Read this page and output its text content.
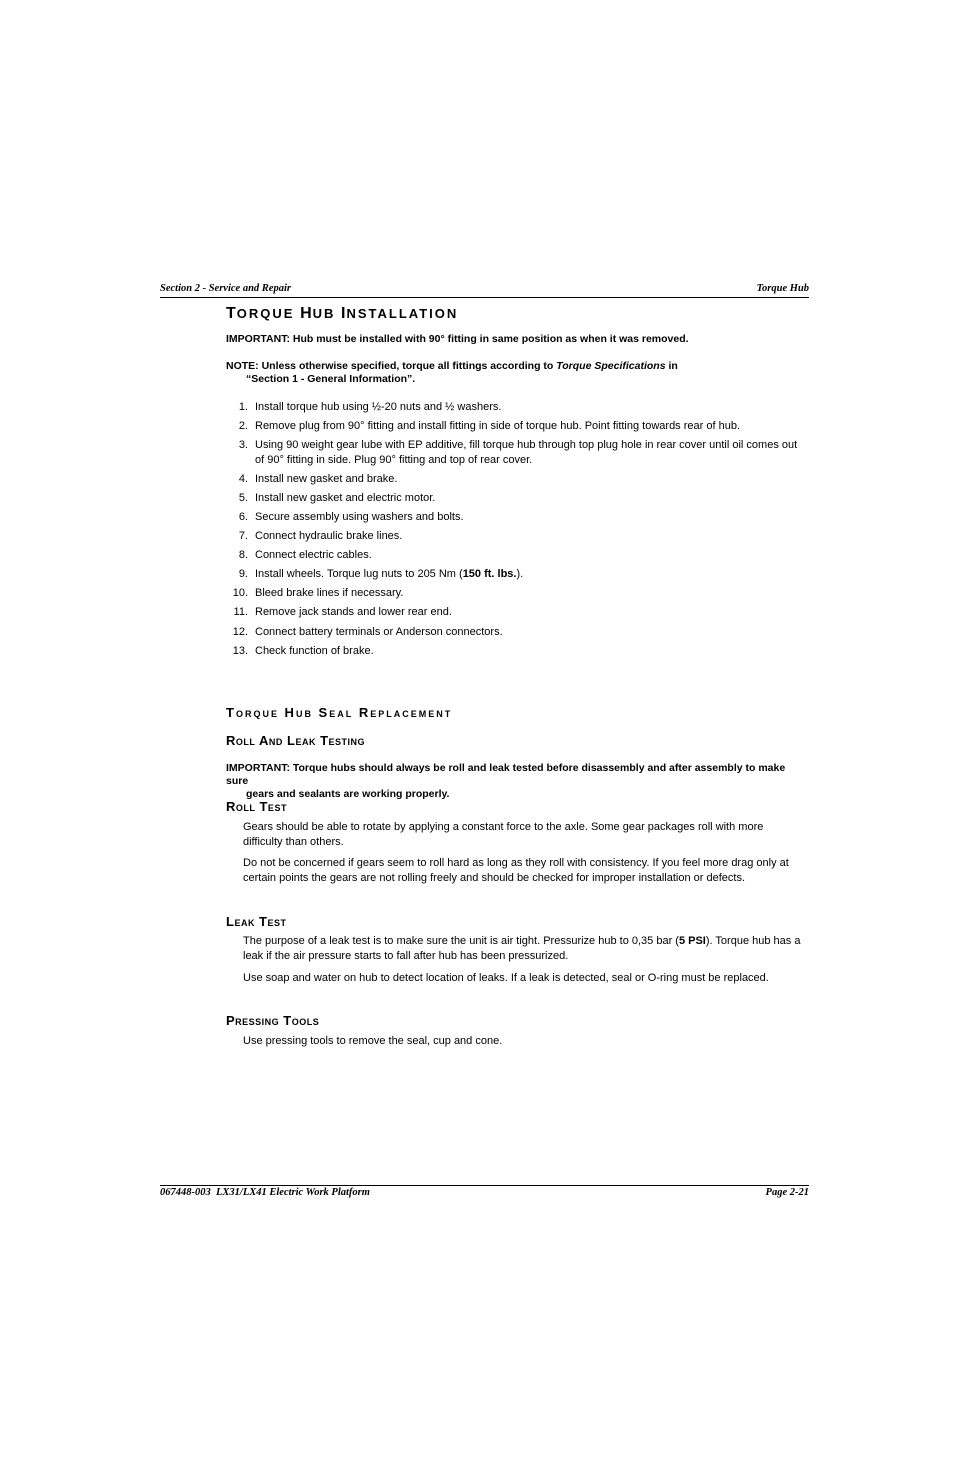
Section 2 - Service and Repair	Torque Hub
TORQUE HUB INSTALLATION
IMPORTANT: Hub must be installed with 90° fitting in same position as when it was removed.
NOTE: Unless otherwise specified, torque all fittings according to Torque Specifications in
“Section 1 - General Information”.
1. Install torque hub using ½-20 nuts and ½ washers.
2. Remove plug from 90° fitting and install fitting in side of torque hub. Point fitting towards rear of hub.
3. Using 90 weight gear lube with EP additive, fill torque hub through top plug hole in rear cover until oil comes out of 90° fitting in side. Plug 90° fitting and top of rear cover.
4. Install new gasket and brake.
5. Install new gasket and electric motor.
6. Secure assembly using washers and bolts.
7. Connect hydraulic brake lines.
8. Connect electric cables.
9. Install wheels. Torque lug nuts to 205 Nm (150 ft. lbs.).
10. Bleed brake lines if necessary.
11. Remove jack stands and lower rear end.
12. Connect battery terminals or Anderson connectors.
13. Check function of brake.
Torque Hub Seal Replacement
Roll And Leak Testing
IMPORTANT: Torque hubs should always be roll and leak tested before disassembly and after assembly to make sure
gears and sealants are working properly.
Roll Test

Gears should be able to rotate by applying a constant force to the axle. Some gear packages roll with more difficulty than others.

Do not be concerned if gears seem to roll hard as long as they roll with consistency. If you feel more drag only at certain points the gears are not rolling freely and should be checked for improper installation or defects.

Leak Test

The purpose of a leak test is to make sure the unit is air tight. Pressurize hub to 0,35 bar (5 PSI). Torque hub has a leak if the air pressure starts to fall after hub has been pressurized.

Use soap and water on hub to detect location of leaks. If a leak is detected, seal or O-ring must be replaced.

Pressing Tools

Use pressing tools to remove the seal, cup and cone.

067448-003  LX31/LX41 Electric Work Platform	Page 2-21
